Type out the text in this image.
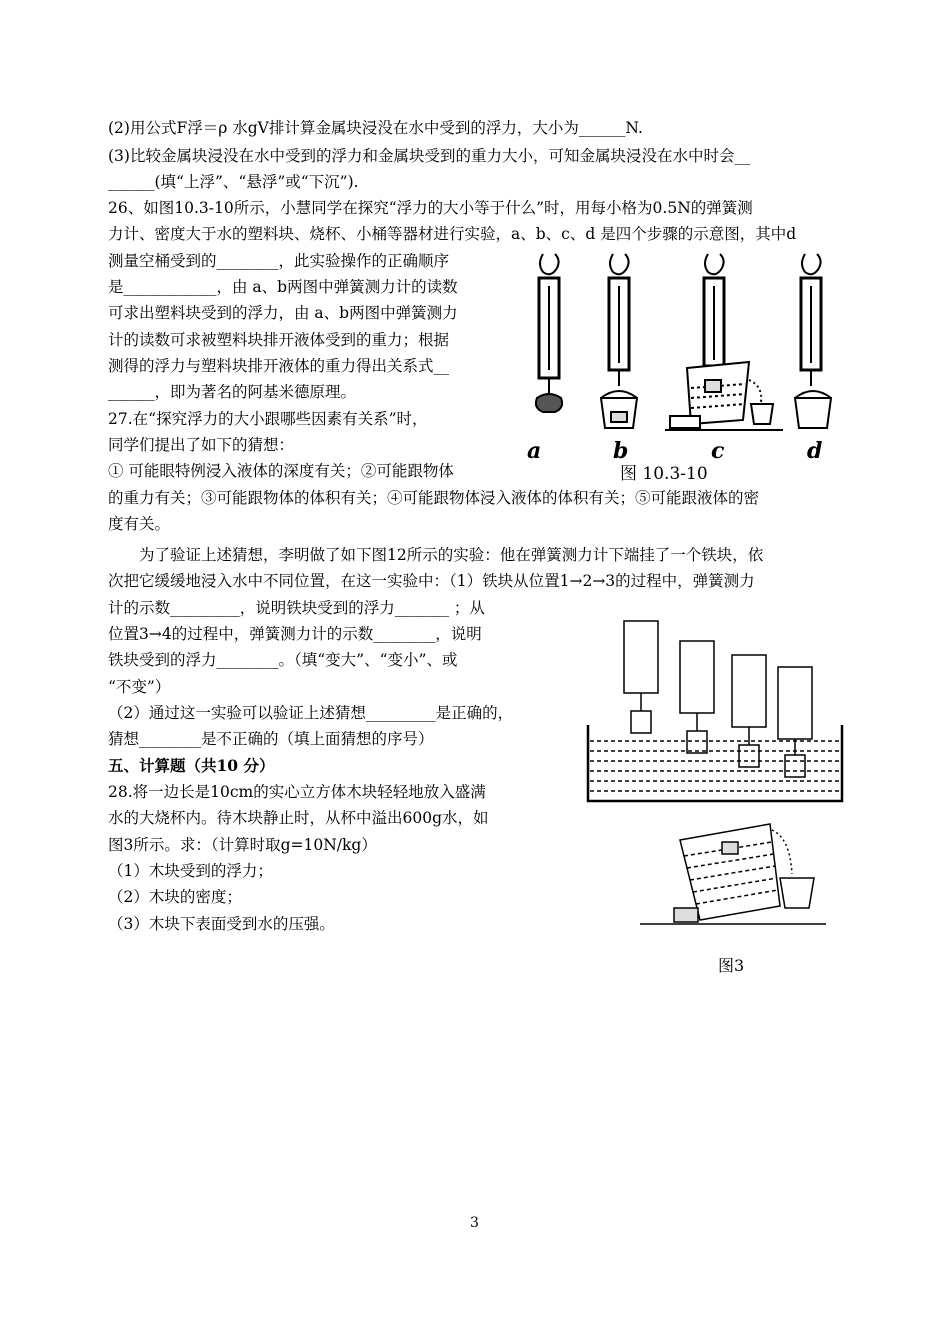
(2)用公式F浮＝ρ 水gV排计算金属块浸没在水中受到的浮力，大小为______N.
(3)比较金属块浸没在水中受到的浮力和金属块受到的重力大小，可知金属块浸没在水中时会__
______(填“上浮”、“悬浮”或“下沉”).
26、如图10.3-10所示，小慧同学在探究“浮力的大小等于什么”时，用每小格为0.5N的弹簧测
力计、密度大于水的塑料块、烧杯、小桶等器材进行实验，a、b、c、d 是四个步骤的示意图，其中d
测量空桶受到的________，此实验操作的正确顺序
是____________，由 a、b两图中弹簧测力计的读数
可求出塑料块受到的浮力，由 a、b两图中弹簧测力
计的读数可求被塑料块排开液体受到的重力；根据
测得的浮力与塑料块排开液体的重力得出关系式__
______，即为著名的阿基米德原理。
27.在“探究浮力的大小跟哪些因素有关系”时，
同学们提出了如下的猜想：
① 可能眼特例浸入液体的深度有关；②可能跟物体
的重力有关；③可能跟物体的体积有关；④可能跟物体浸入液体的体积有关；⑤可能跟液体的密
度有关。
　　为了验证上述猜想，李明做了如下图12所示的实验：他在弹簧测力计下端挂了一个铁块，依
次把它缓缓地浸入水中不同位置，在这一实验中：（1）铁块从位置1→2→3的过程中，弹簧测力
计的示数_________，说明铁块受到的浮力_______ ；从
位置3→4的过程中，弹簧测力计的示数________，说明
铁块受到的浮力________。（填“变大”、“变小”、或
“不变”）
（2）通过这一实验可以验证上述猜想_________是正确的，
猜想________是不正确的（填上面猜想的序号）
五、计算题（共10 分）
28.将一边长是10cm的实心立方体木块轻轻地放入盛满
水的大烧杯内。待木块静止时，从杯中溢出600g水，如
图3所示。求：（计算时取g=10N/kg）
（1）木块受到的浮力；
（2）木块的密度；
（3）木块下表面受到水的压强。
a	b	c	d
图 10.3-10
图3
3
